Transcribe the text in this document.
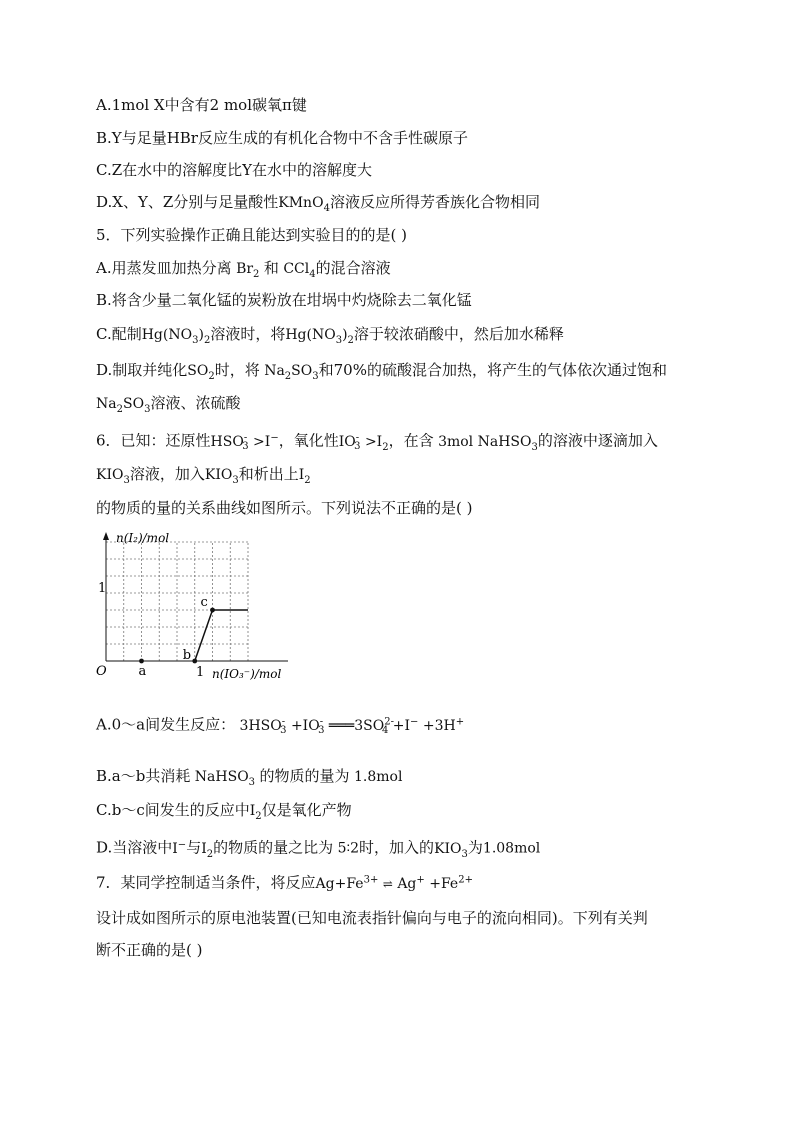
A.1mol X中含有2 mol碳氧π键
B.Y与足量HBr反应生成的有机化合物中不含手性碳原子
C.Z在水中的溶解度比Y在水中的溶解度大
D.X、Y、Z分别与足量酸性KMnO$_4$溶液反应所得芳香族化合物相同
5．下列实验操作正确且能达到实验目的的是( )
A.用蒸发皿加热分离 $Br_2$ 和 CCl$_4$的混合溶液
B.将含少量二氧化锰的炭粉放在坩埚中灼烧除去二氧化锰
C.配制$Hg(NO_3)_2$溶液时，将$Hg(NO_3)_2$溶于较浓硝酸中，然后加水稀释
D.制取并纯化$SO_2$时，将 $Na_2SO_3$和70%的硫酸混合加热，将产生的气体依次通过饱和
$Na_2SO_3$溶液、浓硫酸
6．已知：还原性$HSO^-_3 >I^-$，氧化性$IO^-_3 >I_2$，在含 3mol NaHSO$_3$的溶液中逐滴加入
$KIO_3$溶液，加入$KIO_3$和析出上$I_2$
的物质的量的关系曲线如图所示。下列说法不正确的是( )
n(I₂)/mol
O
1
1 n(IO₃⁻)/mol
a
b
c
A.0～a间发生反应： $3HSO^-_3 +IO^-_3$ $═══3SO^{2-}_4 +I^- +3H^+$
B.a～b共消耗 NaHSO$_3$ 的物质的量为 1.8mol
C.b～c间发生的反应中$I_2$仅是氧化产物
D.当溶液中I−与$I_2$的物质的量之比为 5∶2时，加入的$KIO_3$为1.08mol
7．某同学控制适当条件，将反应$Ag+Fe^{3+}$ ⇌ $Ag^+ +Fe^{2+}$
设计成如图所示的原电池装置(已知电流表指针偏向与电子的流向相同)。下列有关判
断不正确的是( )
